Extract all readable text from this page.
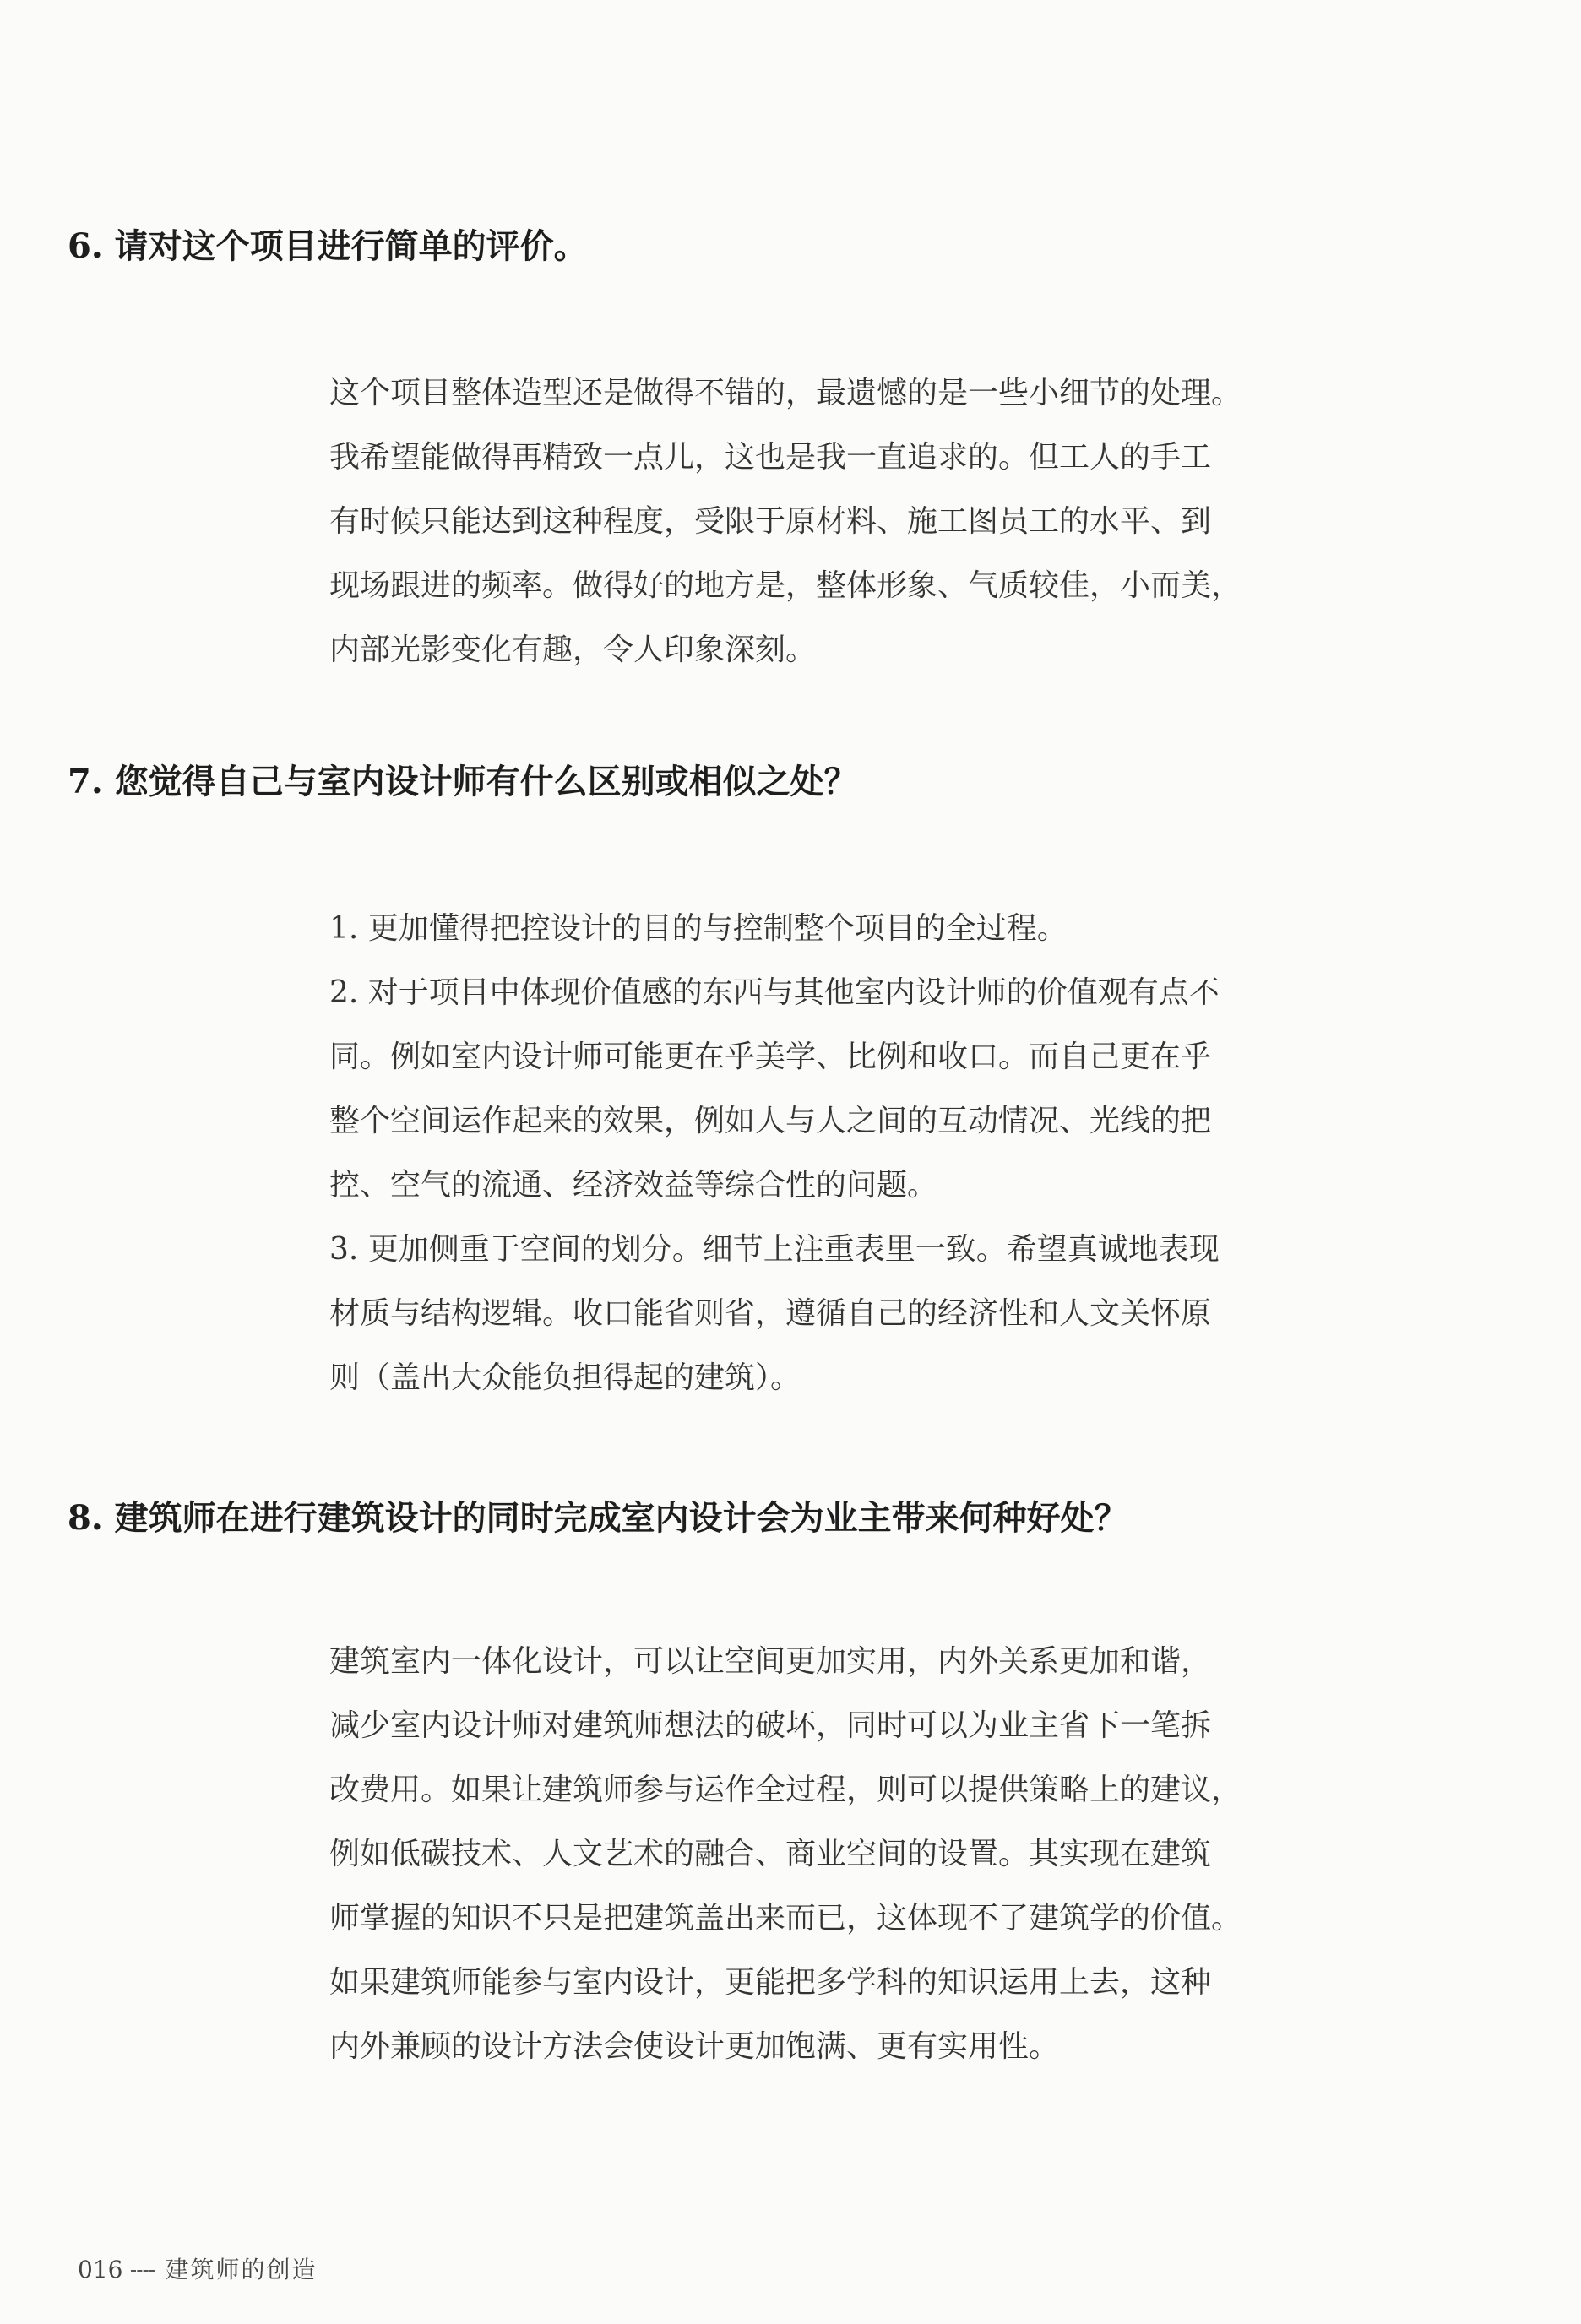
6. 请对这个项目进行简单的评价。
这个项目整体造型还是做得不错的，最遗憾的是一些小细节的处理。
我希望能做得再精致一点儿，这也是我一直追求的。但工人的手工
有时候只能达到这种程度，受限于原材料、施工图员工的水平、到
现场跟进的频率。做得好的地方是，整体形象、气质较佳，小而美，
内部光影变化有趣，令人印象深刻。
7. 您觉得自己与室内设计师有什么区别或相似之处？
1. 更加懂得把控设计的目的与控制整个项目的全过程。
2. 对于项目中体现价值感的东西与其他室内设计师的价值观有点不
同。例如室内设计师可能更在乎美学、比例和收口。而自己更在乎
整个空间运作起来的效果，例如人与人之间的互动情况、光线的把
控、空气的流通、经济效益等综合性的问题。
3. 更加侧重于空间的划分。细节上注重表里一致。希望真诚地表现
材质与结构逻辑。收口能省则省，遵循自己的经济性和人文关怀原
则（盖出大众能负担得起的建筑）。
8. 建筑师在进行建筑设计的同时完成室内设计会为业主带来何种好处？
建筑室内一体化设计，可以让空间更加实用，内外关系更加和谐，
减少室内设计师对建筑师想法的破坏，同时可以为业主省下一笔拆
改费用。如果让建筑师参与运作全过程，则可以提供策略上的建议，
例如低碳技术、人文艺术的融合、商业空间的设置。其实现在建筑
师掌握的知识不只是把建筑盖出来而已，这体现不了建筑学的价值。
如果建筑师能参与室内设计，更能把多学科的知识运用上去，这种
内外兼顾的设计方法会使设计更加饱满、更有实用性。
016 建筑师的创造
